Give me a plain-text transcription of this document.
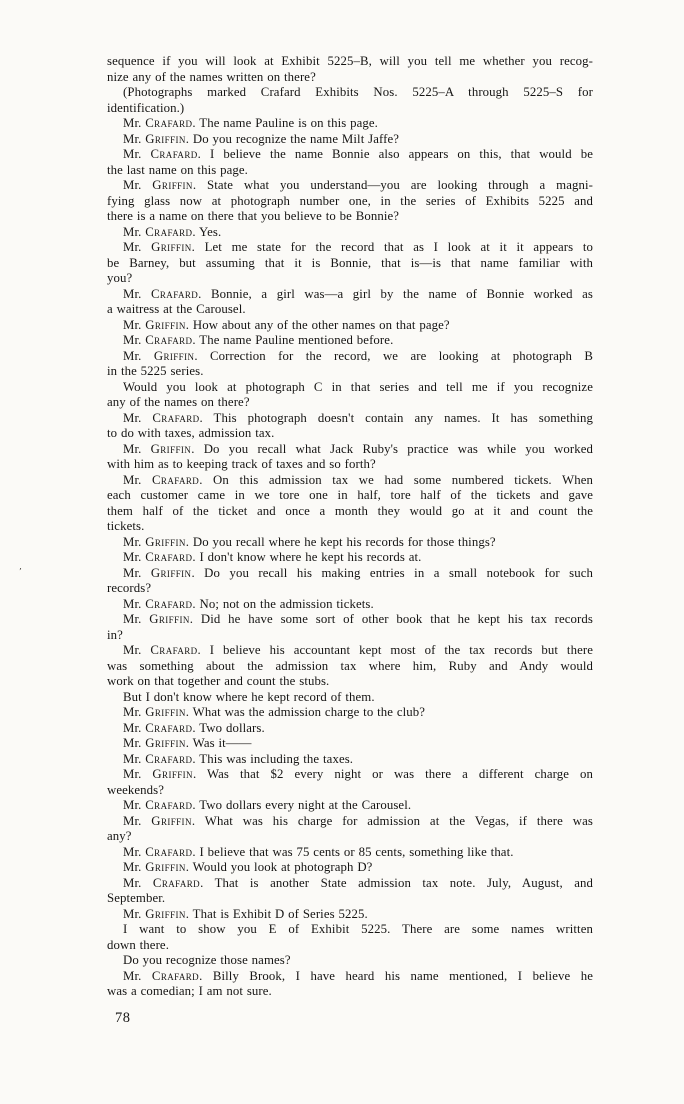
,
sequence if you will look at Exhibit 5225–B, will you tell me whether you recog-
nize any of the names written on there?
(Photographs marked Crafard Exhibits Nos. 5225–A through 5225–S for
identification.)
Mr. Crafard. The name Pauline is on this page.
Mr. Griffin. Do you recognize the name Milt Jaffe?
Mr. Crafard. I believe the name Bonnie also appears on this, that would be
the last name on this page.
Mr. Griffin. State what you understand—you are looking through a magni-
fying glass now at photograph number one, in the series of Exhibits 5225 and
there is a name on there that you believe to be Bonnie?
Mr. Crafard. Yes.
Mr. Griffin. Let me state for the record that as I look at it it appears to
be Barney, but assuming that it is Bonnie, that is—is that name familiar with
you?
Mr. Crafard. Bonnie, a girl was—a girl by the name of Bonnie worked as
a waitress at the Carousel.
Mr. Griffin. How about any of the other names on that page?
Mr. Crafard. The name Pauline mentioned before.
Mr. Griffin. Correction for the record, we are looking at photograph B
in the 5225 series.
Would you look at photograph C in that series and tell me if you recognize
any of the names on there?
Mr. Crafard. This photograph doesn't contain any names. It has something
to do with taxes, admission tax.
Mr. Griffin. Do you recall what Jack Ruby's practice was while you worked
with him as to keeping track of taxes and so forth?
Mr. Crafard. On this admission tax we had some numbered tickets. When
each customer came in we tore one in half, tore half of the tickets and gave
them half of the ticket and once a month they would go at it and count the
tickets.
Mr. Griffin. Do you recall where he kept his records for those things?
Mr. Crafard. I don't know where he kept his records at.
Mr. Griffin. Do you recall his making entries in a small notebook for such
records?
Mr. Crafard. No; not on the admission tickets.
Mr. Griffin. Did he have some sort of other book that he kept his tax records
in?
Mr. Crafard. I believe his accountant kept most of the tax records but there
was something about the admission tax where him, Ruby and Andy would
work on that together and count the stubs.
But I don't know where he kept record of them.
Mr. Griffin. What was the admission charge to the club?
Mr. Crafard. Two dollars.
Mr. Griffin. Was it——
Mr. Crafard. This was including the taxes.
Mr. Griffin. Was that $2 every night or was there a different charge on
weekends?
Mr. Crafard. Two dollars every night at the Carousel.
Mr. Griffin. What was his charge for admission at the Vegas, if there was
any?
Mr. Crafard. I believe that was 75 cents or 85 cents, something like that.
Mr. Griffin. Would you look at photograph D?
Mr. Crafard. That is another State admission tax note. July, August, and
September.
Mr. Griffin. That is Exhibit D of Series 5225.
I want to show you E of Exhibit 5225. There are some names written
down there.
Do you recognize those names?
Mr. Crafard. Billy Brook, I have heard his name mentioned, I believe he
was a comedian; I am not sure.
78
